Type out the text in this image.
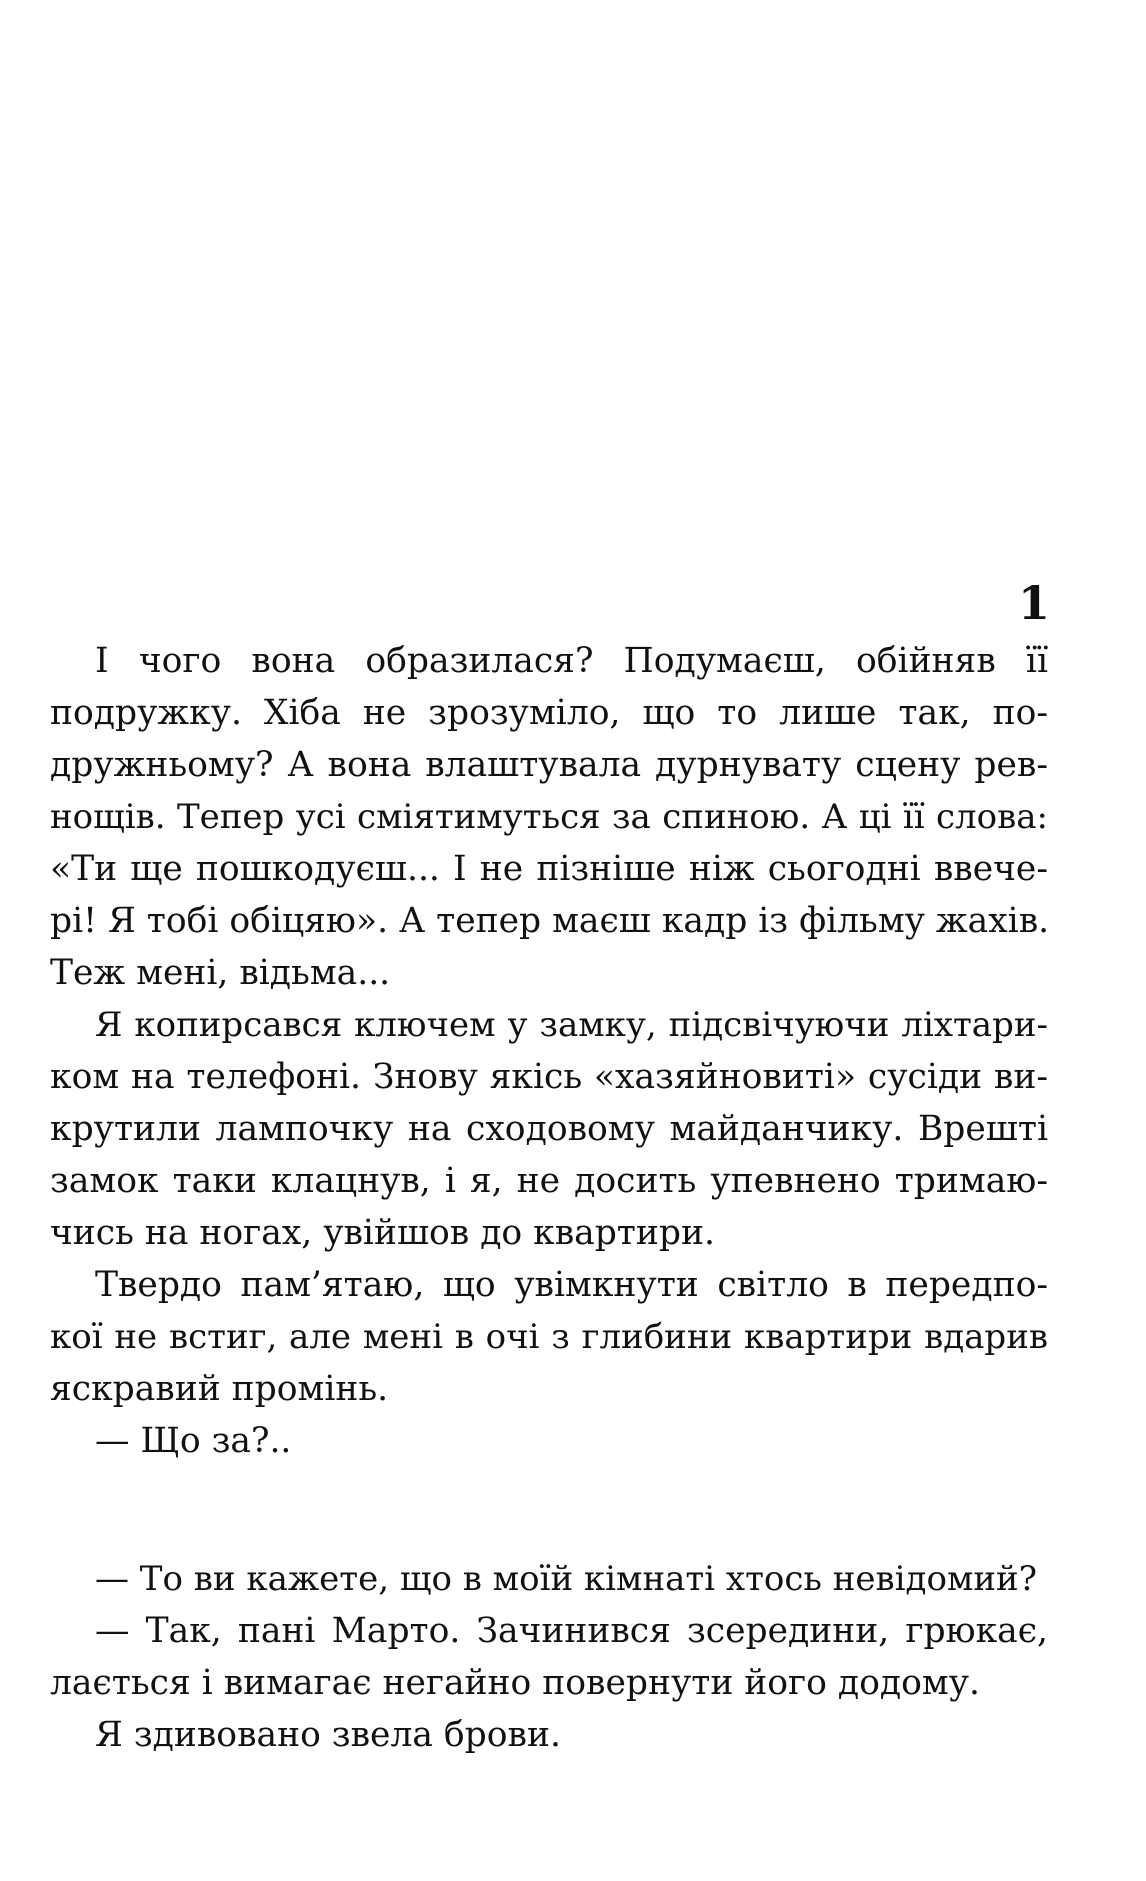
1
І чого вона образилася? Подумаєш, обійняв її
подружку. Хіба не зрозуміло, що то лише так, по-
дружньому? А вона влаштувала дурнувату сцену рев-
нощів. Тепер усі сміятимуться за спиною. А ці її слова:
«Ти ще пошкодуєш... І не пізніше ніж сьогодні ввече-
рі! Я тобі обіцяю». А тепер маєш кадр із фільму жахів.
Теж мені, відьма...
Я копирсався ключем у замку, підсвічуючи ліхтари-
ком на телефоні. Знову якісь «хазяйновиті» сусіди ви-
крутили лампочку на сходовому майданчику. Врешті
замок таки клацнув, і я, не досить упевнено тримаю-
чись на ногах, увійшов до квартири.
Твердо пам’ятаю, що увімкнути світло в передпо-
кої не встиг, але мені в очі з глибини квартири вдарив
яскравий промінь.
— Що за?..
— То ви кажете, що в моїй кімнаті хтось невідомий?
— Так, пані Марто. Зачинився зсередини, грюкає,
лається і вимагає негайно повернути його додому.
Я здивовано звела брови.
